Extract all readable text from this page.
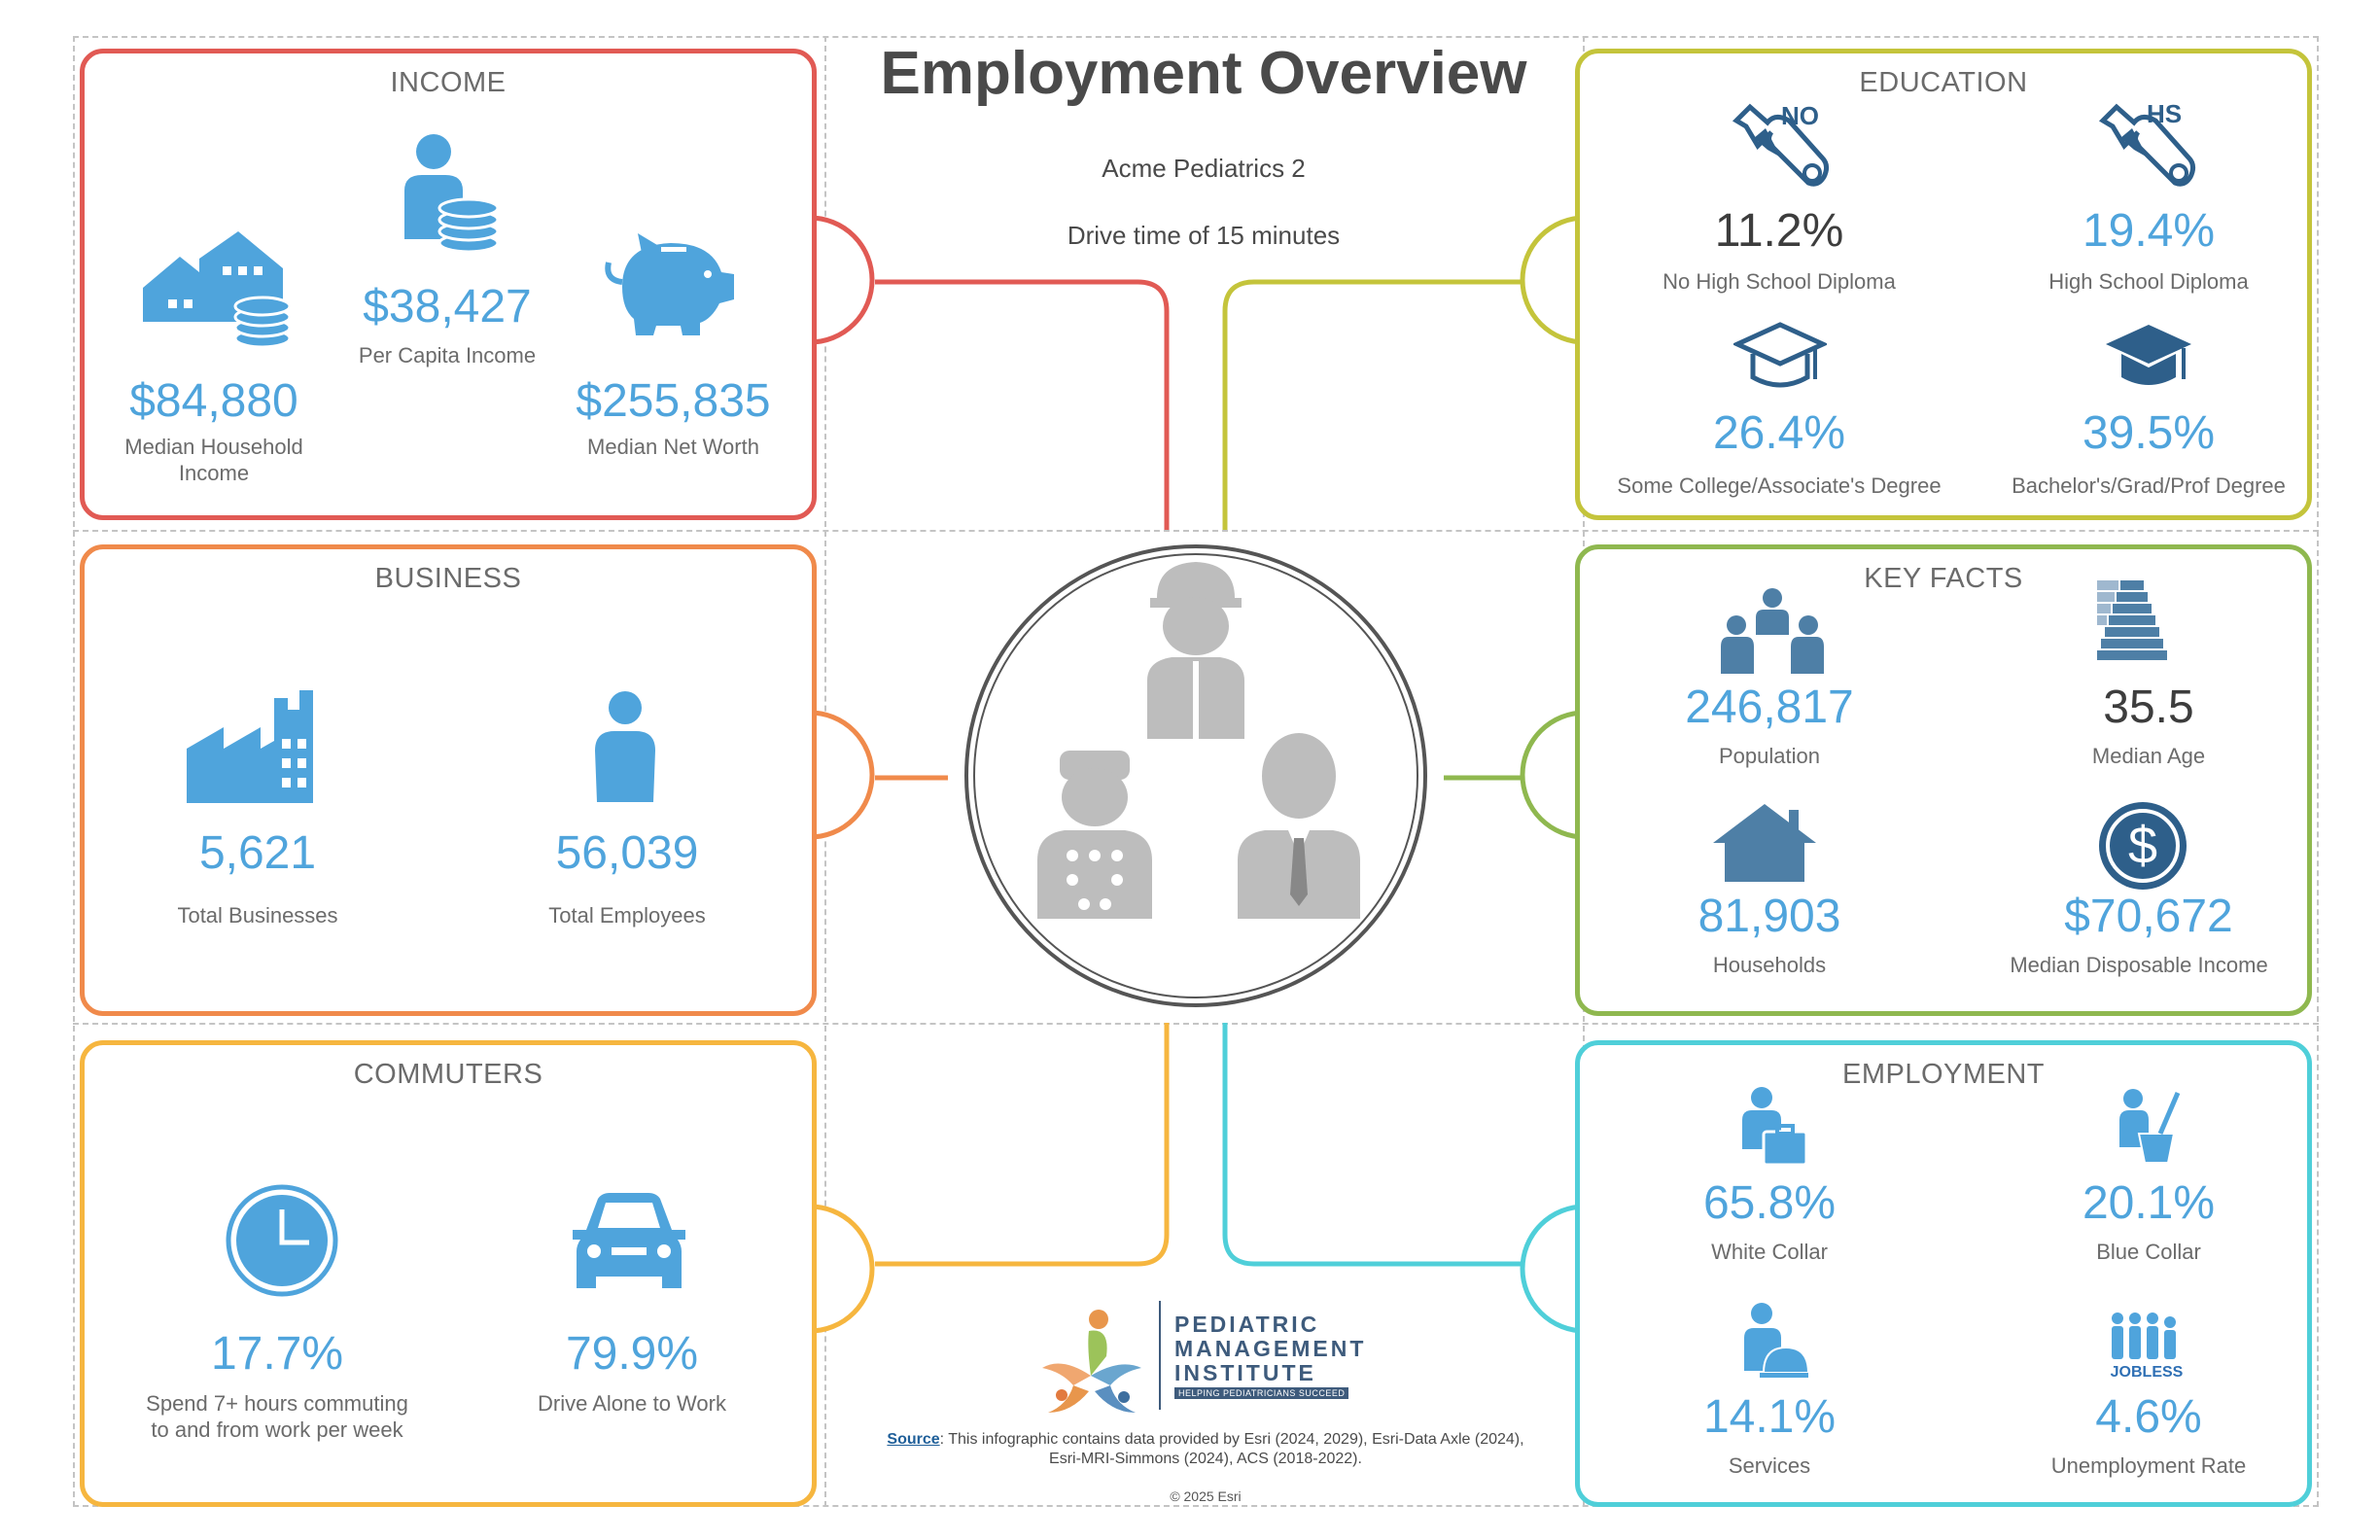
Employment Overview
Acme Pediatrics 2
Drive time of 15 minutes
INCOME
$38,427
Per Capita Income
$84,880
Median Household Income
$255,835
Median Net Worth
BUSINESS
5,621
Total Businesses
56,039
Total Employees
COMMUTERS
17.7%
Spend 7+ hours commuting to and from work per week
79.9%
Drive Alone to Work
EDUCATION
NO
11.2%
No High School Diploma
HS
19.4%
High School Diploma
26.4%
Some College/Associate's Degree
39.5%
Bachelor's/Grad/Prof Degree
KEY FACTS
246,817
Population
35.5
Median Age
81,903
Households
$
$70,672
Median Disposable Income
EMPLOYMENT
65.8%
White Collar
20.1%
Blue Collar
14.1%
Services
JOBLESS
4.6%
Unemployment Rate
PEDIATRIC
MANAGEMENT
INSTITUTE
HELPING PEDIATRICIANS SUCCEED
Source: This infographic contains data provided by Esri (2024, 2029), Esri-Data Axle (2024), Esri-MRI-Simmons (2024), ACS (2018-2022).
© 2025 Esri
